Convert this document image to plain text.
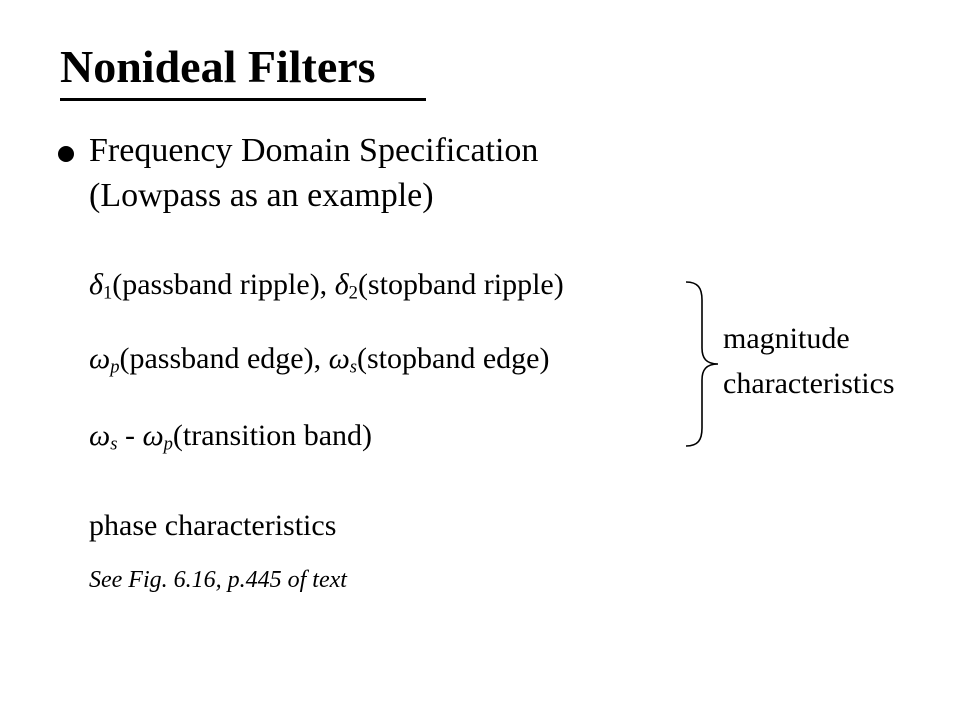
Nonideal Filters
Frequency Domain Specification
(Lowpass as an example)
$\delta_1(passband$ ripple), $\delta_2(stopband$ ripple)
$\omega_p(passband$ edge), $\omega_s(stopband$ edge)
$\omega_s$ - $\omega_p(transition$ band)
phase characteristics
See Fig. 6.16, p.445 of text
magnitude
characteristics
